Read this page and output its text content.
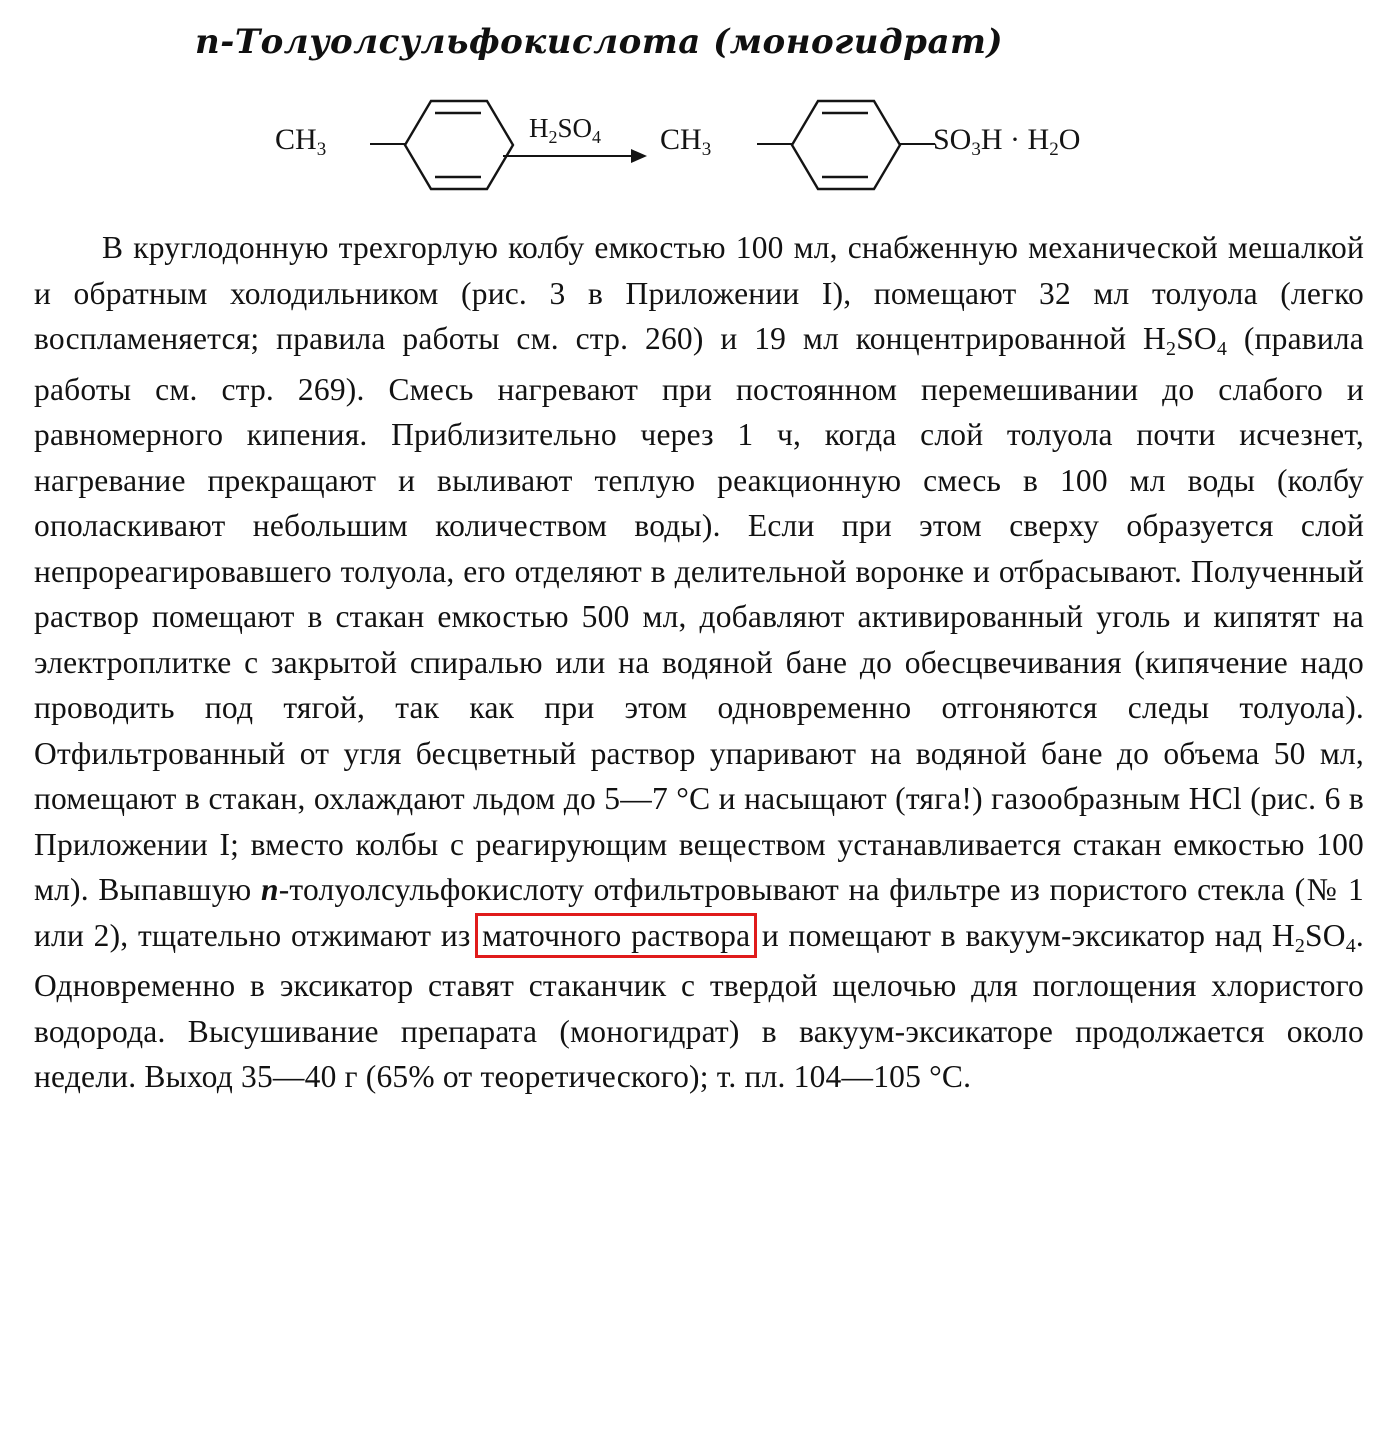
n-Толуолсульфокислота (моногидрат)
$CH_3$
$H_2SO_4$ $CH_3$	$SO_3H \cdot H_2O$

В круглодонную трехгорлую колбу емкостью 100 мл, снабженную механической мешалкой и обратным холодильником (рис. 3 в Приложении I), помещают 32 мл толуола (легко воспламеняется; правила работы см. стр. 260) и 19 мл концентрированной $H_2SO_4$ (правила работы см. стр. 269). Смесь нагревают при постоянном перемешивании до слабого и равномерного кипения. Приблизительно через 1 ч, когда слой толуола почти исчезнет, нагревание прекращают и выливают теплую реакционную смесь в 100 мл воды (колбу ополаскивают небольшим количеством воды). Если при этом сверху образуется слой непрореагировавшего толуола, его отделяют в делительной воронке и отбрасывают. Полученный раствор помещают в стакан емкостью 500 мл, добавляют активированный уголь и кипятят на электроплитке с закрытой спиралью или на водяной бане до обесцвечивания (кипячение надо проводить под тягой, так как при этом одновременно отгоняются следы толуола). Отфильтрованный от угля бесцветный раствор упаривают на водяной бане до объема 50 мл, помещают в стакан, охлаждают льдом до 5—7 °C и насыщают (тяга!) газообразным HCl (рис. 6 в Приложении I; вместо колбы с реагирующим веществом устанавливается стакан емкостью 100 мл). Выпавшую n-толуолсульфокислоту отфильтровывают на фильтре из пористого стекла (№ 1 или 2), тщательно отжимают из маточного раствора и помещают в вакуум-эксикатор над $H_2SO_4$. Одновременно в эксикатор ставят стаканчик с твердой щелочью для поглощения хлористого водорода. Высушивание препарата (моногидрат) в вакуум-эксикаторе продолжается около недели. Выход 35—40 г (65% от теоретического); т. пл. 104—105 °C.
